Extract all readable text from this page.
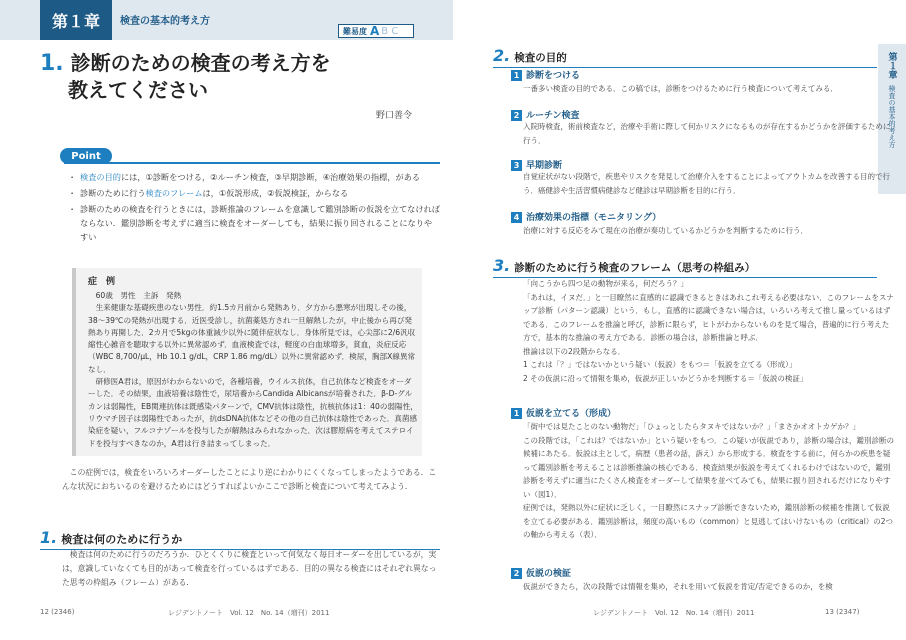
第１章	検査の基本的考え方
難易度 A B C
1. 診断のための検査の考え方を
教えてください
野口善令
Point
・ 検査の目的には，①診断をつける，②ルーチン検査，③早期診断，④治療効果の指標，がある
・ 診断のために行う検査のフレームは，①仮説形成，②仮説検証，からなる
・ 診断のための検査を行うときには，診断推論のフレームを意識して鑑別診断の仮説を立てなければならない．鑑別診断を考えずに適当に検査をオーダーしても，結果に振り回されることになりやすい
症　例

60歳　男性　主訴　発熱

生来健康な基礎疾患のない男性．約1.5カ月前から発熱あり．夕方から悪寒が出現しその後，38～39℃の発熱が出現する．近医受診し，抗菌薬処方され一旦解熱したが，中止後から再び発熱あり再開した．2カ月で5kgの体重減少以外に随伴症状なし．身体所見では，心尖部に2/6汎収縮性心雑音を聴取する以外に異常認めず．血液検査では，軽度の白血球増多，貧血，炎症反応（WBC 8,700/μL，Hb 10.1 g/dL，CRP 1.86 mg/dL）以外に異常認めず．検尿，胸部X線異常なし．

研修医A君は，原因がわからないので，各種培養，ウイルス抗体，自己抗体など検査をオーダーした．その結果，血液培養は陰性で，尿培養からCandida Albicansが培養された．β-D-グルカンは弱陽性，EB関連抗体は既感染パターンで，CMV抗体は陰性，抗核抗体は1：40の弱陽性，リウマチ因子は弱陽性であったが，抗dsDNA抗体などその他の自己抗体は陰性であった．真菌感染症を疑い，フルコナゾールを投与したが解熱はみられなかった．次は膠原病を考えてステロイドを投与すべきなのか，A君は行き詰まってしまった．

この症例では，検査をいろいろオーダーしたことにより逆にわかりにくくなってしまったようである．こんな状況におちいるのを避けるためにはどうすればよいかここで診断と検査について考えてみよう．

1. 検査は何のために行うか

検査は何のために行うのだろうか．ひとくくりに検査といって何気なく毎日オーダーを出しているが，実は，意識していなくても目的があって検査を行っているはずである．目的の異なる検査にはそれぞれ異なった思考の枠組み（フレーム）がある．

12 (2346)	レジデントノート　Vol. 12　No. 14（増刊）2011
第１章
検査の基本的考え方
2. 検査の目的
1 診断をつける

一番多い検査の目的である．この稿では，診断をつけるために行う検査について考えてみる．

2 ルーチン検査

入院時検査，術前検査など，治療や手術に際して何かリスクになるものが存在するかどうかを評価するために行う．

3 早期診断

自覚症状がない段階で，疾患やリスクを発見して治療介入をすることによってアウトカムを改善する目的で行う．癌健診や生活習慣病健診など健診は早期診断を目的に行う．

4 治療効果の指標（モニタリング）

治療に対する反応をみて現在の治療が奏功しているかどうかを判断するために行う．

3. 診断のために行う検査のフレーム（思考の枠組み）

「向こうから四つ足の動物が来る，何だろう？」

「あれは，イヌだ．」と一目瞭然に直感的に認識できるときはあれこれ考える必要はない．このフレームをスナップ診断（パターン認識）という．もし，直感的に認識できない場合は，いろいろ考えて推し量っているはずである．このフレームを推論と呼び，診断に限らず，ヒトがわからないものを見て場合，普遍的に行う考えた方で，基本的な推論の考え方である．診断の場合は，診断推論と呼ぶ．

推論は以下の2段階からなる．

1 これは「？」ではないかという疑い（仮説）をもつ＝「仮説を立てる（形成）」

2 その仮説に沿って情報を集め，仮説が正しいかどうかを判断する＝「仮説の検証」

1 仮説を立てる（形成）

「街中では見たことのない動物だ」「ひょっとしたらタヌキではないか？」「まさかオオトカゲか？」

この段階では，「これは？ではないか」という疑いをもつ．この疑いが仮説であり，診断の場合は，鑑別診断の候補にあたる．仮説は主として，病歴（患者の話，訴え）から形成する．検査をする前に，何らかの疾患を疑って鑑別診断を考えることは診断推論の核心である．検査結果が仮説を考えてくれるわけではないので，鑑別診断を考えずに適当にたくさん検査をオーダーして結果を並べてみても，結果に振り回されるだけになりやすい（図1）．

症例では，発熱以外に症状に乏しく，一目瞭然にスナップ診断できないため，鑑別診断の候補を推測して仮説を立てる必要がある．鑑別診断は，頻度の高いもの（common）と見逃してはいけないもの（critical）の2つの軸から考える（表）．

2 仮説の検証

仮説ができたら，次の段階では情報を集め，それを用いて仮説を肯定/否定できるのか，を検

レジデントノート　Vol. 12　No. 14（増刊）2011	13 (2347)
